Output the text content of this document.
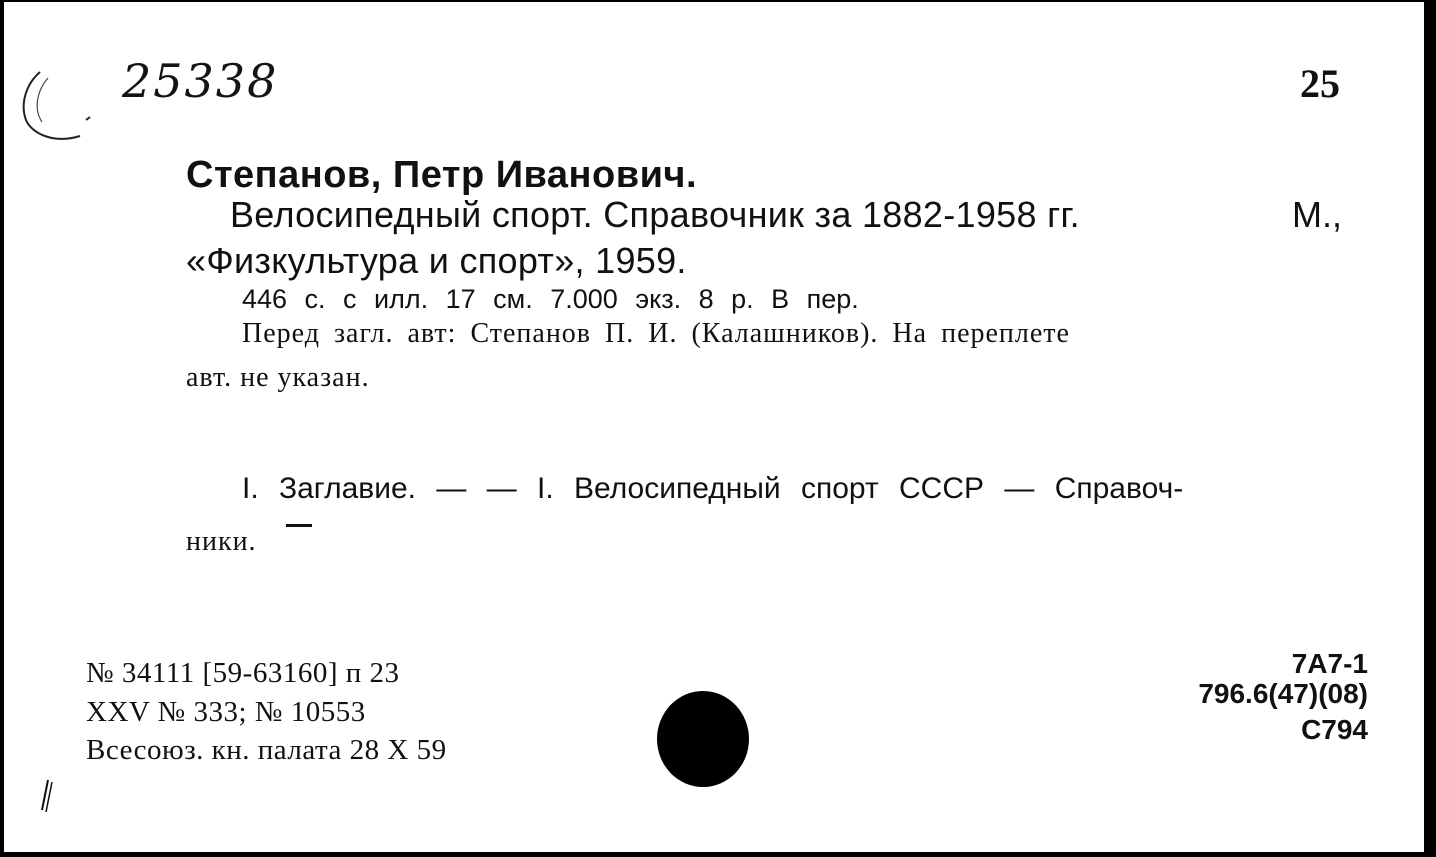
25338	25
Степанов, Петр Иванович.
Велосипедный спорт. Справочник за 1882-1958 гг.	М.,
«Физкультура и спорт», 1959.
446 с. с илл. 17 см. 7.000 экз. 8 р. В пер.
Перед загл. авт: Степанов П. И. (Калашников). На переплете
авт. не указан.
I. Заглавие. — — I. Велосипедный спорт СССР — Справоч-
ники.
№ 34111 [59-63160] п 23
XXV № 333; № 10553
Всесоюз. кн. палата 28 X 59
7А7-1
796.6(47)(08)
С794
